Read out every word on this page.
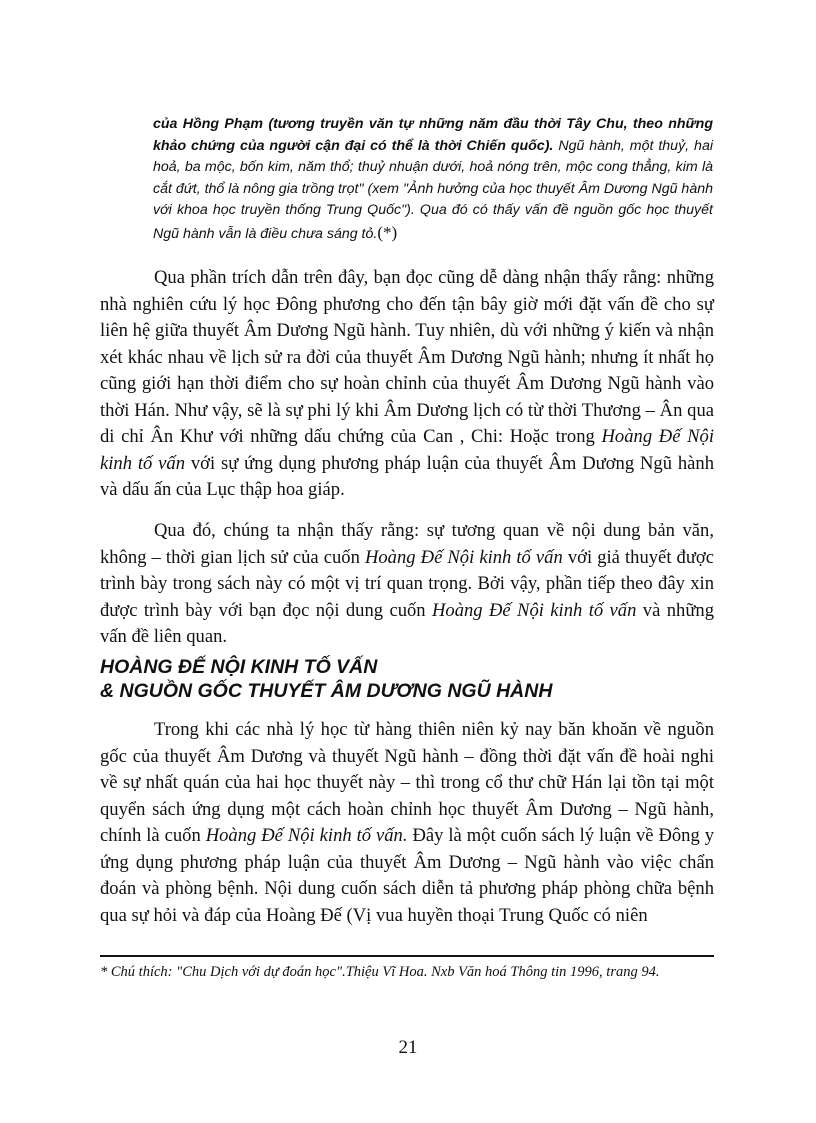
của Hồng Phạm (tương truyền văn tự những năm đầu thời Tây Chu, theo những khảo chứng của người cận đại có thể là thời Chiến quốc). Ngũ hành, một thuỷ, hai hoả, ba mộc, bốn kim, năm thổ; thuỷ nhuận dưới, hoả nóng trên, mộc cong thẳng, kim là cắt đứt, thổ là nông gia trồng trọt" (xem "Ảnh hưởng của học thuyết Âm Dương Ngũ hành với khoa học truyền thống Trung Quốc"). Qua đó có thấy vấn đề nguồn gốc học thuyết Ngũ hành vẫn là điều chưa sáng tỏ.(*)

Qua phần trích dẫn trên đây, bạn đọc cũng dễ dàng nhận thấy rằng: những nhà nghiên cứu lý học Đông phương cho đến tận bây giờ mới đặt vấn đề cho sự liên hệ giữa thuyết Âm Dương Ngũ hành. Tuy nhiên, dù với những ý kiến và nhận xét khác nhau về lịch sử ra đời của thuyết Âm Dương Ngũ hành; nhưng ít nhất họ cũng giới hạn thời điểm cho sự hoàn chỉnh của thuyết Âm Dương Ngũ hành vào thời Hán. Như vậy, sẽ là sự phi lý khi Âm Dương lịch có từ thời Thương – Ân qua di chỉ Ân Khư với những dấu chứng của Can , Chi: Hoặc trong Hoàng Đế Nội kinh tố vấn với sự ứng dụng phương pháp luận của thuyết Âm Dương Ngũ hành và dấu ấn của Lục thập hoa giáp.

Qua đó, chúng ta nhận thấy rằng: sự tương quan về nội dung bản văn, không – thời gian lịch sử của cuốn Hoàng Đế Nội kinh tố vấn với giả thuyết được trình bày trong sách này có một vị trí quan trọng. Bởi vậy, phần tiếp theo đây xin được trình bày với bạn đọc nội dung cuốn Hoàng Đế Nội kinh tố vấn và những vấn đề liên quan.

HOÀNG ĐẾ NỘI KINH TỐ VẤN
& NGUỒN GỐC THUYẾT ÂM DƯƠNG NGŨ HÀNH

Trong khi các nhà lý học từ hàng thiên niên kỷ nay băn khoăn về nguồn gốc của thuyết Âm Dương và thuyết Ngũ hành – đồng thời đặt vấn đề hoài nghi về sự nhất quán của hai học thuyết này – thì trong cổ thư chữ Hán lại tồn tại một quyển sách ứng dụng một cách hoàn chỉnh học thuyết Âm Dương – Ngũ hành, chính là cuốn Hoàng Đế Nội kinh tố vấn. Đây là một cuốn sách lý luận về Đông y ứng dụng phương pháp luận của thuyết Âm Dương – Ngũ hành vào việc chẩn đoán và phòng bệnh. Nội dung cuốn sách diễn tả phương pháp phòng chữa bệnh qua sự hỏi và đáp của Hoàng Đế (Vị vua huyền thoại Trung Quốc có niên

* Chú thích: "Chu Dịch với dự đoán học".Thiệu Vĩ Hoa. Nxb Văn hoá Thông tin 1996, trang 94.

21
